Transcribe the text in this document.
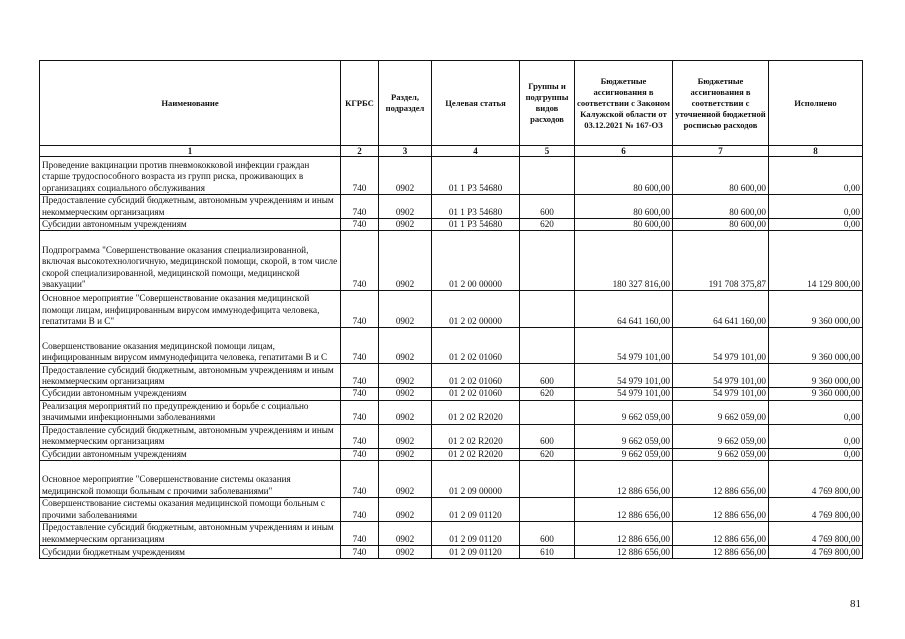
Наименование	КГРБС	Раздел, подраздел	Целевая статья	Группы и подгруппы видов расходов	Бюджетные ассигнования в соответствии с Законом Калужской области от 03.12.2021 № 167-ОЗ	Бюджетные ассигнования в соответствии с уточненной бюджетной росписью расходов	Исполнено
1	2	3	4	5	6	7	8
Проведение вакцинации против пневмококковой инфекции граждан старше трудоспособного возраста из групп риска, проживающих в организациях социального обслуживания	740	0902	01 1 P3 54680		80 600,00	80 600,00	0,00
Предоставление субсидий бюджетным, автономным учреждениям и иным некоммерческим организациям	740	0902	01 1 P3 54680	600	80 600,00	80 600,00	0,00
Субсидии автономным учреждениям	740	0902	01 1 P3 54680	620	80 600,00	80 600,00	0,00
Подпрограмма "Совершенствование оказания специализированной, включая высокотехнологичную, медицинской помощи, скорой, в том числе скорой специализированной, медицинской помощи, медицинской эвакуации"	740	0902	01 2 00 00000		180 327 816,00	191 708 375,87	14 129 800,00
Основное мероприятие "Совершенствование оказания медицинской помощи лицам, инфицированным вирусом иммунодефицита человека, гепатитами В и С"	740	0902	01 2 02 00000		64 641 160,00	64 641 160,00	9 360 000,00
Совершенствование оказания медицинской помощи лицам, инфицированным вирусом иммунодефицита человека, гепатитами В и С	740	0902	01 2 02 01060		54 979 101,00	54 979 101,00	9 360 000,00
Предоставление субсидий бюджетным, автономным учреждениям и иным некоммерческим организациям	740	0902	01 2 02 01060	600	54 979 101,00	54 979 101,00	9 360 000,00
Субсидии автономным учреждениям	740	0902	01 2 02 01060	620	54 979 101,00	54 979 101,00	9 360 000,00
Реализация мероприятий по предупреждению и борьбе с социально значимыми инфекционными заболеваниями	740	0902	01 2 02 R2020		9 662 059,00	9 662 059,00	0,00
Предоставление субсидий бюджетным, автономным учреждениям и иным некоммерческим организациям	740	0902	01 2 02 R2020	600	9 662 059,00	9 662 059,00	0,00
Субсидии автономным учреждениям	740	0902	01 2 02 R2020	620	9 662 059,00	9 662 059,00	0,00
Основное мероприятие "Совершенствование системы оказания медицинской помощи больным с прочими заболеваниями"	740	0902	01 2 09 00000		12 886 656,00	12 886 656,00	4 769 800,00
Совершенствование системы оказания медицинской помощи больным с прочими заболеваниями	740	0902	01 2 09 01120		12 886 656,00	12 886 656,00	4 769 800,00
Предоставление субсидий бюджетным, автономным учреждениям и иным некоммерческим организациям	740	0902	01 2 09 01120	600	12 886 656,00	12 886 656,00	4 769 800,00
Субсидии бюджетным учреждениям	740	0902	01 2 09 01120	610	12 886 656,00	12 886 656,00	4 769 800,00
81
